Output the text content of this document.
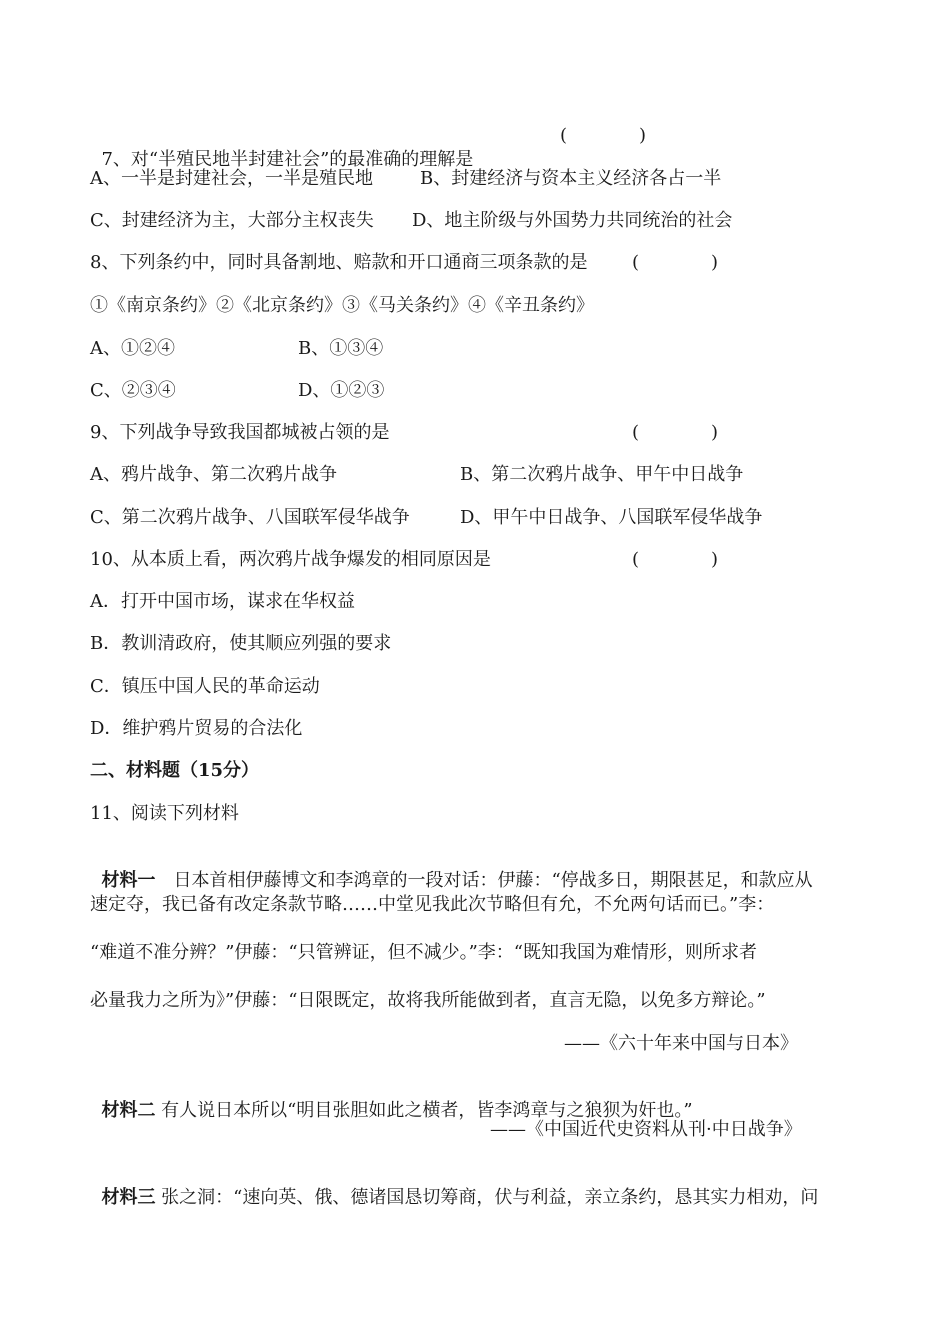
7、对“半殖民地半封建社会”的最准确的理解是

(　　　　)
A、一半是封建社会，一半是殖民地	B、封建经济与资本主义经济各占一半
C、封建经济为主，大部分主权丧失 D、地主阶级与外国势力共同统治的社会
8、下列条约中，同时具备割地、赔款和开口通商三项条款的是 (　　　　)
①《南京条约》②《北京条约》③《马关条约》④《辛丑条约》
A、①②④	B、①③④
C、②③④	D、①②③
9、下列战争导致我国都城被占领的是	(　　　　)
A、鸦片战争、第二次鸦片战争	B、第二次鸦片战争、甲午中日战争
C、第二次鸦片战争、八国联军侵华战争	D、甲午中日战争、八国联军侵华战争
10、从本质上看，两次鸦片战争爆发的相同原因是	(　　　　)
A．打开中国市场，谋求在华权益
B．教训清政府，使其顺应列强的要求
C．镇压中国人民的革命运动
D．维护鸦片贸易的合法化
二、材料题（15分）
11、阅读下列材料

材料一　日本首相伊藤博文和李鸿章的一段对话：伊藤：“停战多日，期限甚足，和款应从

速定夺，我已备有改定条款节略……中堂见我此次节略但有允，不允两句话而已。”李：
“难道不准分辨？”伊藤：“只管辨证，但不减少。”李：“既知我国为难情形，则所求者
必量我力之所为》”伊藤：“日限既定，故将我所能做到者，直言无隐，以免多方辩论。”
——《六十年来中国与日本》

材料二 有人说日本所以“明目张胆如此之横者，皆李鸿章与之狼狈为奸也。”

——《中国近代史资料从刊·中日战争》

材料三 张之洞：“速向英、俄、德诸国恳切筹商，伏与利益，亲立条约，恳其实力相劝，问
